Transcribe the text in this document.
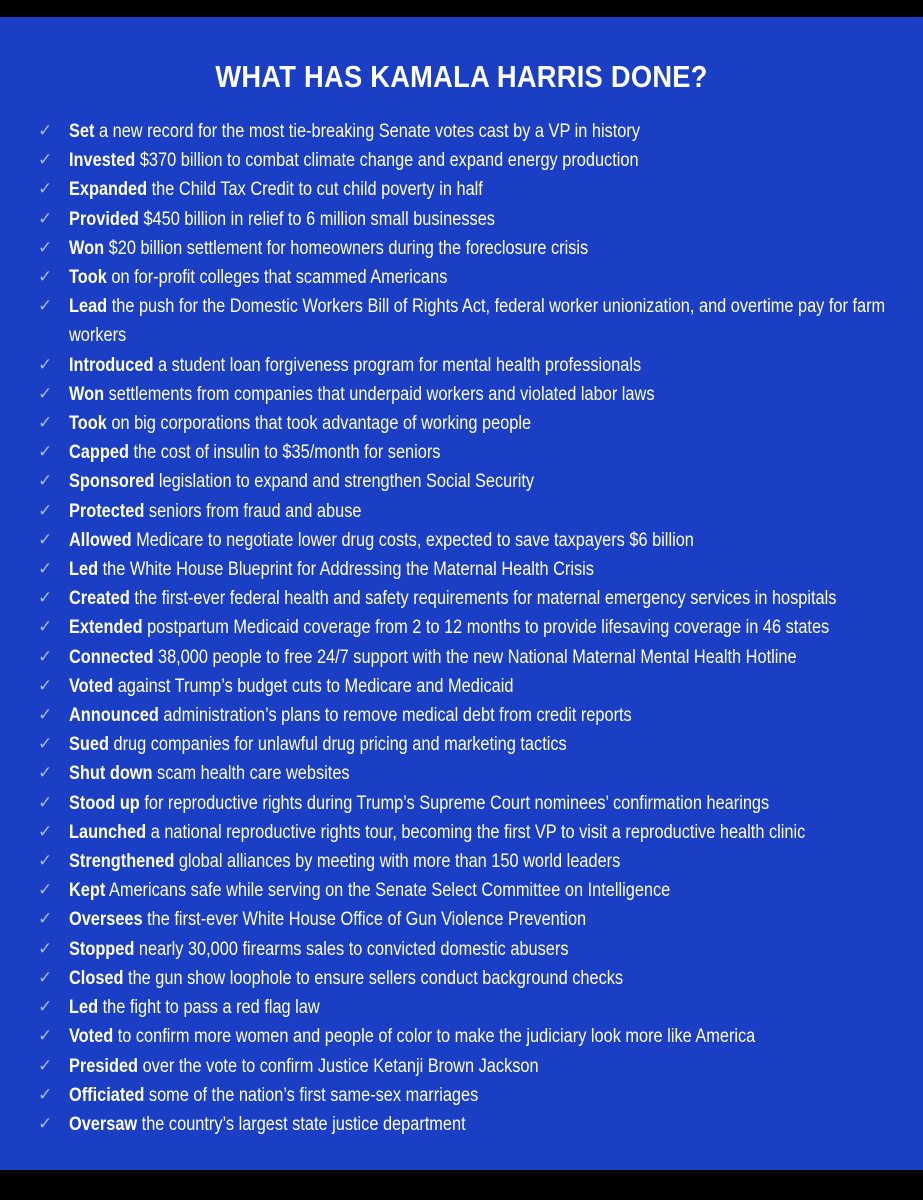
WHAT HAS KAMALA HARRIS DONE?
✓ Set a new record for the most tie-breaking Senate votes cast by a VP in history
✓ Invested $370 billion to combat climate change and expand energy production
✓ Expanded the Child Tax Credit to cut child poverty in half
✓ Provided $450 billion in relief to 6 million small businesses
✓ Won $20 billion settlement for homeowners during the foreclosure crisis
✓ Took on for-profit colleges that scammed Americans
✓ Lead the push for the Domestic Workers Bill of Rights Act, federal worker unionization, and overtime pay for farm workers
✓ Introduced a student loan forgiveness program for mental health professionals
✓ Won settlements from companies that underpaid workers and violated labor laws
✓ Took on big corporations that took advantage of working people
✓ Capped the cost of insulin to $35/month for seniors
✓ Sponsored legislation to expand and strengthen Social Security
✓ Protected seniors from fraud and abuse
✓ Allowed Medicare to negotiate lower drug costs, expected to save taxpayers $6 billion
✓ Led the White House Blueprint for Addressing the Maternal Health Crisis
✓ Created the first-ever federal health and safety requirements for maternal emergency services in hospitals
✓ Extended postpartum Medicaid coverage from 2 to 12 months to provide lifesaving coverage in 46 states
✓ Connected 38,000 people to free 24/7 support with the new National Maternal Mental Health Hotline
✓ Voted against Trump’s budget cuts to Medicare and Medicaid
✓ Announced administration’s plans to remove medical debt from credit reports
✓ Sued drug companies for unlawful drug pricing and marketing tactics
✓ Shut down scam health care websites
✓ Stood up for reproductive rights during Trump’s Supreme Court nominees’ confirmation hearings
✓ Launched a national reproductive rights tour, becoming the first VP to visit a reproductive health clinic
✓ Strengthened global alliances by meeting with more than 150 world leaders
✓ Kept Americans safe while serving on the Senate Select Committee on Intelligence
✓ Oversees the first-ever White House Office of Gun Violence Prevention
✓ Stopped nearly 30,000 firearms sales to convicted domestic abusers
✓ Closed the gun show loophole to ensure sellers conduct background checks
✓ Led the fight to pass a red flag law
✓ Voted to confirm more women and people of color to make the judiciary look more like America
✓ Presided over the vote to confirm Justice Ketanji Brown Jackson
✓ Officiated some of the nation’s first same-sex marriages
✓ Oversaw the country’s largest state justice department
